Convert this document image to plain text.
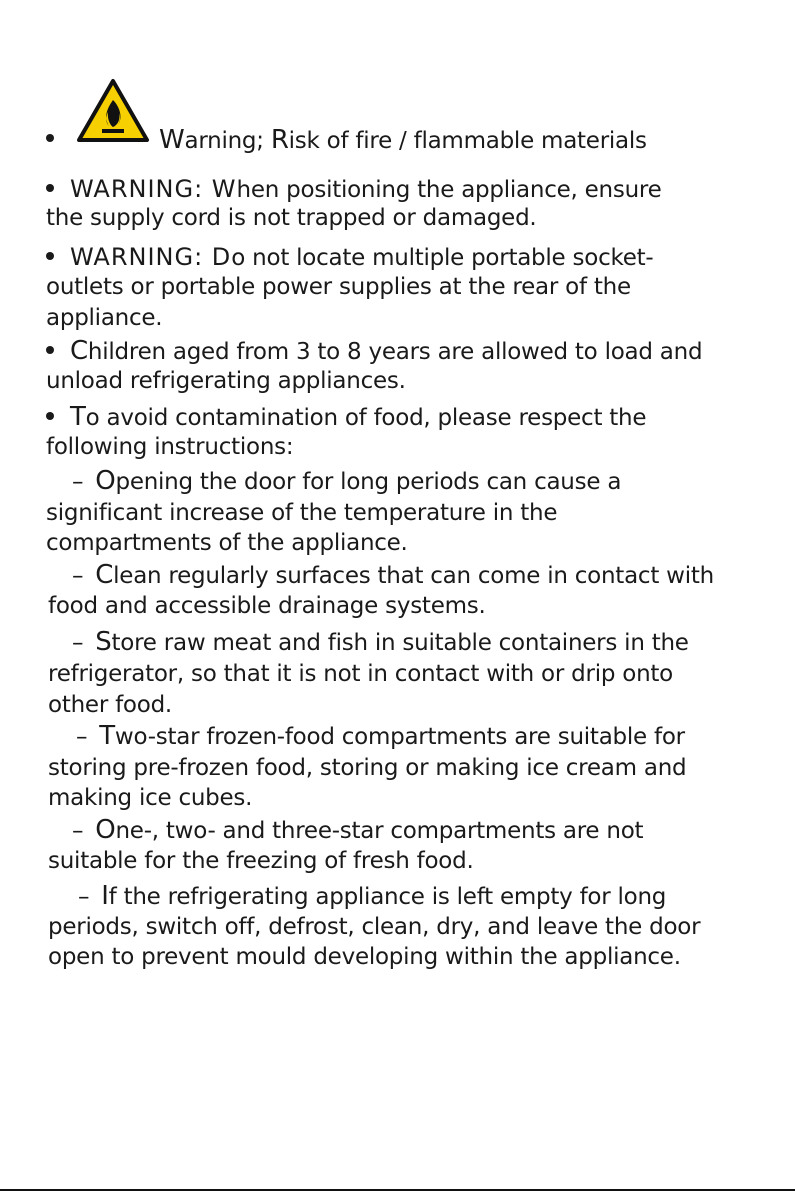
Warning; Risk of fire / flammable materials
WARNING: When positioning the appliance, ensure
the supply cord is not trapped or damaged.
WARNING: Do not locate multiple portable socket-
outlets or portable power supplies at the rear of the
appliance.
Children aged from 3 to 8 years are allowed to load and
unload refrigerating appliances.
To avoid contamination of food, please respect the
following instructions:
– Opening the door for long periods can cause a
significant increase of the temperature in the
compartments of the appliance.
– Clean regularly surfaces that can come in contact with
food and accessible drainage systems.
– Store raw meat and fish in suitable containers in the
refrigerator, so that it is not in contact with or drip onto
other food.
– Two-star frozen-food compartments are suitable for
storing pre-frozen food, storing or making ice cream and
making ice cubes.
– One-, two- and three-star compartments are not
suitable for the freezing of fresh food.
– If the refrigerating appliance is left empty for long
periods, switch off, defrost, clean, dry, and leave the door
open to prevent mould developing within the appliance.
